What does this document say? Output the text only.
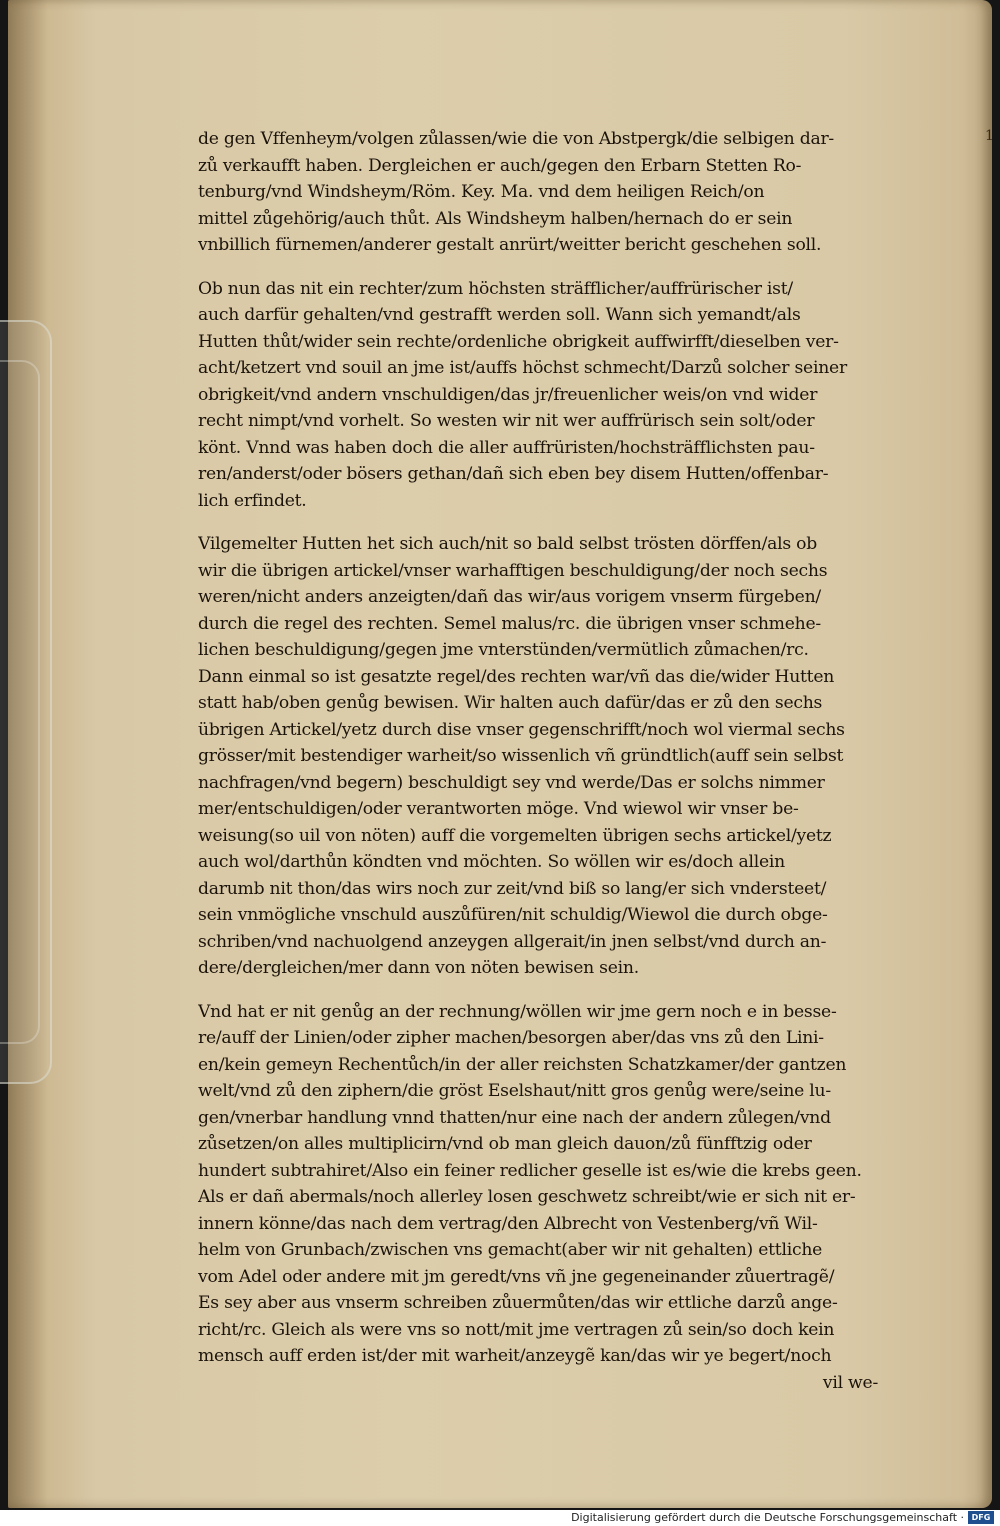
1
de gen Vffenheym/volgen zůlassen/wie die von Abstpergk/die selbigen dar-
zů verkaufft haben. Dergleichen er auch/gegen den Erbarn Stetten Ro-
tenburg/vnd Windsheym/Röm. Key. Ma. vnd dem heiligen Reich/on
mittel zůgehörig/auch thůt. Als Windsheym halben/hernach do er sein
vnbillich fürnemen/anderer gestalt anrürt/weitter bericht geschehen soll.
Ob nun das nit ein rechter/zum höchsten sträfflicher/auffrürischer ist/
auch darfür gehalten/vnd gestrafft werden soll. Wann sich yemandt/als
Hutten thůt/wider sein rechte/ordenliche obrigkeit auffwirfft/dieselben ver-
acht/ketzert vnd souil an jme ist/auffs höchst schmecht/Darzů solcher seiner
obrigkeit/vnd andern vnschuldigen/das jr/freuenlicher weis/on vnd wider
recht nimpt/vnd vorhelt. So westen wir nit wer auffrürisch sein solt/oder
könt. Vnnd was haben doch die aller auffrüristen/hochsträfflichsten pau-
ren/anderst/oder bösers gethan/dañ sich eben bey disem Hutten/offenbar-
lich erfindet.
Vilgemelter Hutten het sich auch/nit so bald selbst trösten dörffen/als ob
wir die übrigen artickel/vnser warhafftigen beschuldigung/der noch sechs
weren/nicht anders anzeigten/dañ das wir/aus vorigem vnserm fürgeben/
durch die regel des rechten. Semel malus/rc. die übrigen vnser schmehe-
lichen beschuldigung/gegen jme vnterstünden/vermütlich zůmachen/rc.
Dann einmal so ist gesatzte regel/des rechten war/vñ das die/wider Hutten
statt hab/oben genůg bewisen. Wir halten auch dafür/das er zů den sechs
übrigen Artickel/yetz durch dise vnser gegenschrifft/noch wol viermal sechs
grösser/mit bestendiger warheit/so wissenlich vñ gründtlich(auff sein selbst
nachfragen/vnd begern) beschuldigt sey vnd werde/Das er solchs nimmer
mer/entschuldigen/oder verantworten möge. Vnd wiewol wir vnser be-
weisung(so uil von nöten) auff die vorgemelten übrigen sechs artickel/yetz
auch wol/darthůn köndten vnd möchten. So wöllen wir es/doch allein
darumb nit thon/das wirs noch zur zeit/vnd biß so lang/er sich vndersteet/
sein vnmögliche vnschuld auszůfüren/nit schuldig/Wiewol die durch obge-
schriben/vnd nachuolgend anzeygen allgerait/in jnen selbst/vnd durch an-
dere/dergleichen/mer dann von nöten bewisen sein.
Vnd hat er nit genůg an der rechnung/wöllen wir jme gern noch e in besse-
re/auff der Linien/oder zipher machen/besorgen aber/das vns zů den Lini-
en/kein gemeyn Rechentůch/in der aller reichsten Schatzkamer/der gantzen
welt/vnd zů den ziphern/die gröst Eselshaut/nitt gros genůg were/seine lu-
gen/vnerbar handlung vnnd thatten/nur eine nach der andern zůlegen/vnd
zůsetzen/on alles multiplicirn/vnd ob man gleich dauon/zů fünfftzig oder
hundert subtrahiret/Also ein feiner redlicher geselle ist es/wie die krebs geen.
Als er dañ abermals/noch allerley losen geschwetz schreibt/wie er sich nit er-
innern könne/das nach dem vertrag/den Albrecht von Vestenberg/vñ Wil-
helm von Grunbach/zwischen vns gemacht(aber wir nit gehalten) ettliche
vom Adel oder andere mit jm geredt/vns vñ jne gegeneinander zůuertragẽ/
Es sey aber aus vnserm schreiben zůuermůten/das wir ettliche darzů ange-
richt/rc. Gleich als were vns so nott/mit jme vertragen zů sein/so doch kein
mensch auff erden ist/der mit warheit/anzeygẽ kan/das wir ye begert/noch
vil we-
Digitalisierung gefördert durch die Deutsche Forschungsgemeinschaft · DFG
